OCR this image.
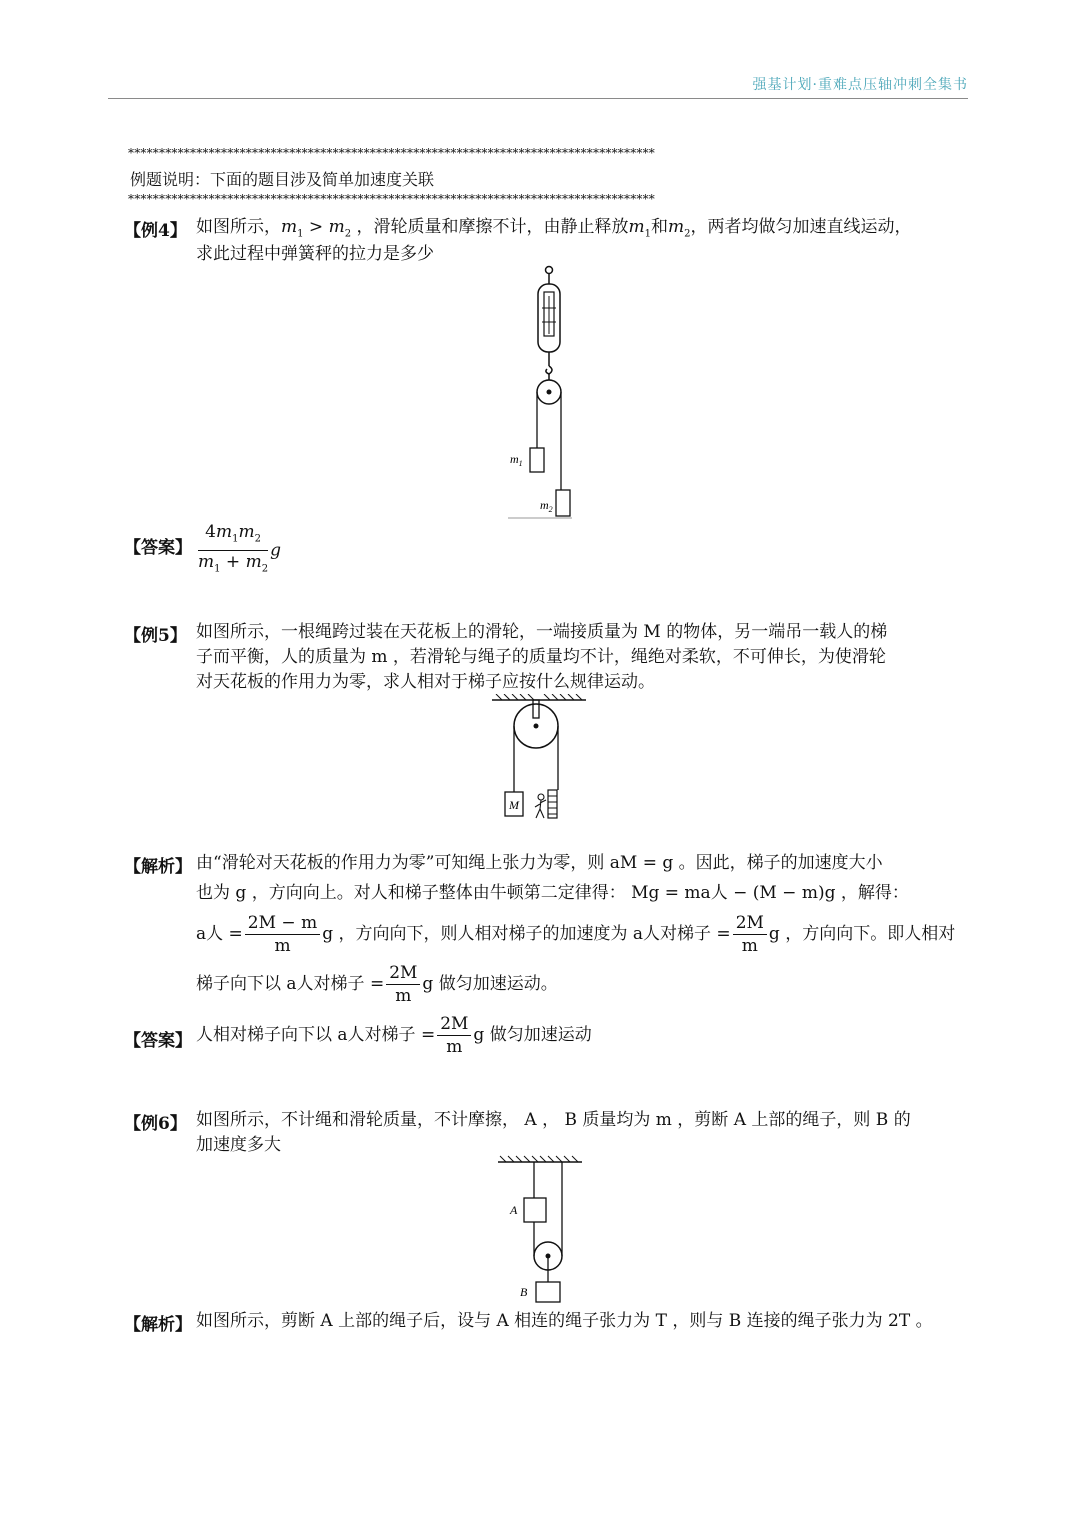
强基计划·重难点压轴冲刺全集书
*************************************************************************************
例题说明：下面的题目涉及简单加速度关联
*************************************************************************************
【例4】 如图所示，$m_1 > m_2$ ，滑轮质量和摩擦不计，由静止释放$m_1$和$m_2$，两者均做匀加速直线运动，
求此过程中弹簧秤的拉力是多少
$m_1$
$m_2$
【答案】 $\frac{4m_1m_2}{m_1 + m_2}$ g
【例5】 如图所示，一根绳跨过装在天花板上的滑轮，一端接质量为 M 的物体，另一端吊一载人的梯
子而平衡，人的质量为 m ，若滑轮与绳子的质量均不计，绳绝对柔软，不可伸长，为使滑轮
对天花板的作用力为零，求人相对于梯子应按什么规律运动。
M
【解析】 由“滑轮对天花板的作用力为零”可知绳上张力为零，则 aM = g 。因此，梯子的加速度大小
也为 g ，方向向上。对人和梯子整体由牛顿第二定律得： Mg = ma人 − (M − m)g ，解得：
a人 = $\frac{2M - m}{m}$ g ，方向向下，则人相对梯子的加速度为 a人对梯子 = $\frac{2M}{m}$ g ，方向向下。即人相对
梯子向下以 a人对梯子 = $\frac{2M}{m}$ g 做匀加速运动。
【答案】 人相对梯子向下以 a人对梯子 = $\frac{2M}{m}$ g 做匀加速运动
【例6】 如图所示，不计绳和滑轮质量，不计摩擦， A ， B 质量均为 m ，剪断 A 上部的绳子，则 B 的
加速度多大
A
B
【解析】 如图所示，剪断 A 上部的绳子后，设与 A 相连的绳子张力为 T ，则与 B 连接的绳子张力为 2T 。
